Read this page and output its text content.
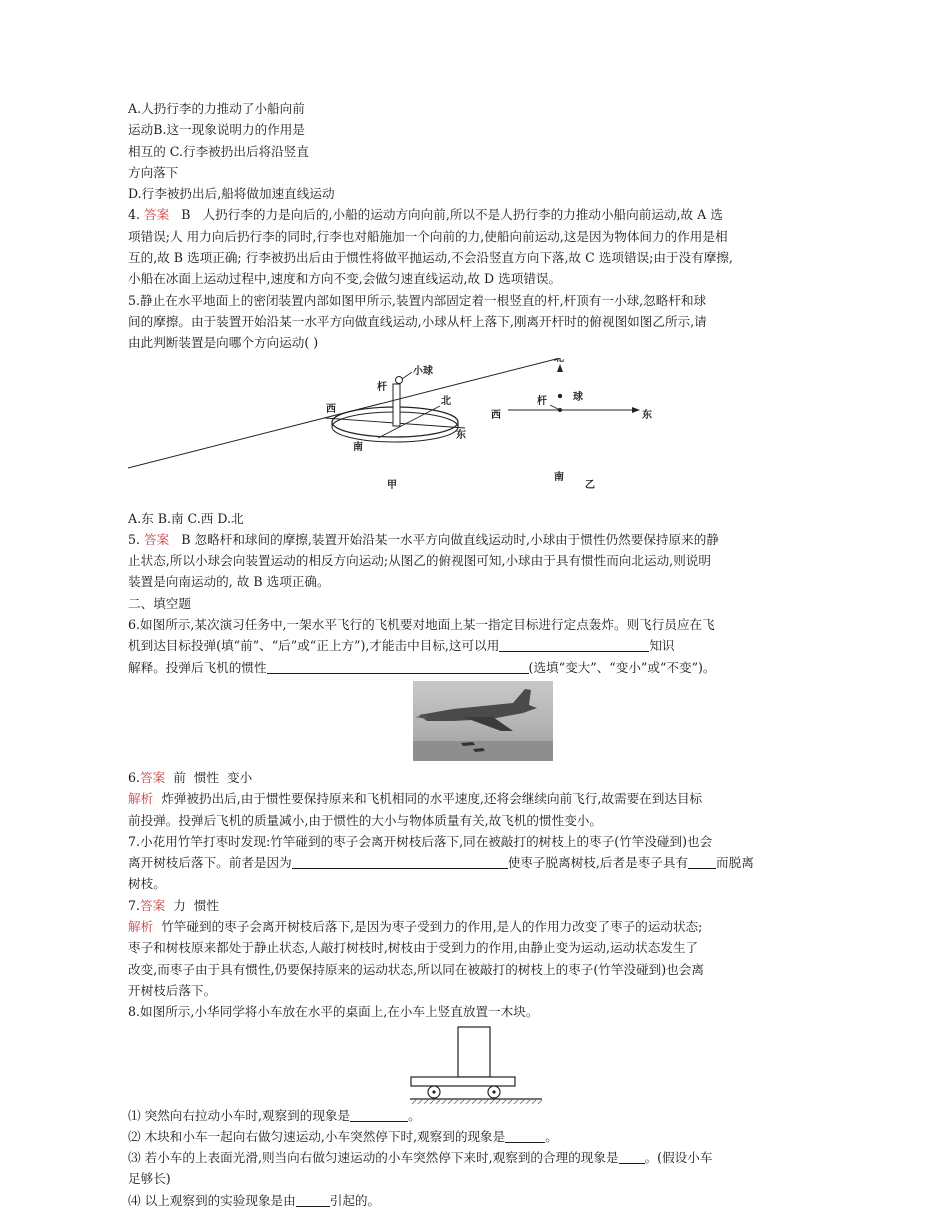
A.人扔行李的力推动了小船向前

运动B.这一现象说明力的作用是

相互的 C.行李被扔出后将沿竖直

方向落下

D.行李被扔出后,船将做加速直线运动

4. 答案 B 人扔行李的力是向后的,小船的运动方向向前,所以不是人扔行李的力推动小船向前运动,故 A 选

项错误;人 用力向后扔行李的同时,行李也对船施加一个向前的力,使船向前运动,这是因为物体间力的作用是相

互的,故 B 选项正确; 行李被扔出后由于惯性将做平抛运动,不会沿竖直方向下落,故 C 选项错误;由于没有摩擦,

小船在冰面上运动过程中,速度和方向不变,会做匀速直线运动,故 D 选项错误。

5.静止在水平地面上的密闭装置内部如图甲所示,装置内部固定着一根竖直的杆,杆顶有一小球,忽略杆和球

间的摩擦。由于装置开始沿某一水平方向做直线运动,小球从杆上落下,刚离开杆时的俯视图如图乙所示,请

由此判断装置是向哪个方向运动( )

小球
杆
北
西
东
南
甲
北
杆	球
西	东
南
乙

A.东 B.南 C.西 D.北

5. 答案 B 忽略杆和球间的摩擦,装置开始沿某一水平方向做直线运动时,小球由于惯性仍然要保持原来的静

止状态,所以小球会向装置运动的相反方向运动;从图乙的俯视图可知,小球由于具有惯性而向北运动,则说明

装置是向南运动的, 故 B 选项正确。

二、填空题

6.如图所示,某次演习任务中,一架水平飞行的飞机要对地面上某一指定目标进行定点轰炸。则飞行员应在飞

机到达目标投弹(填“前”、“后”或“正上方”),才能击中目标,这可以用	知识

解释。投弹后飞机的惯性	(选填“变大”、“变小”或“不变”)。

6.答案 前  惯性  变小

解析 炸弹被扔出后,由于惯性要保持原来和飞机相同的水平速度,还将会继续向前飞行,故需要在到达目标

前投弹。投弹后飞机的质量减小,由于惯性的大小与物体质量有关,故飞机的惯性变小。

7.小花用竹竿打枣时发现:竹竿碰到的枣子会离开树枝后落下,同在被敲打的树枝上的枣子(竹竿没碰到)也会

离开树枝后落下。前者是因为	使枣子脱离树枝,后者是枣子具有 而脱离

树枝。

7.答案 力  惯性

解析 竹竿碰到的枣子会离开树枝后落下,是因为枣子受到力的作用,是人的作用力改变了枣子的运动状态;

枣子和树枝原来都处于静止状态,人敲打树枝时,树枝由于受到力的作用,由静止变为运动,运动状态发生了

改变,而枣子由于具有惯性,仍要保持原来的运动状态,所以同在被敲打的树枝上的枣子(竹竿没碰到)也会离

开树枝后落下。

8.如图所示,小华同学将小车放在水平的桌面上,在小车上竖直放置一木块。

⑴ 突然向右拉动小车时,观察到的现象是	。

⑵ 木块和小车一起向右做匀速运动,小车突然停下时,观察到的现象是	。

⑶ 若小车的上表面光滑,则当向右做匀速运动的小车突然停下来时,观察到的合理的现象是 。(假设小车

足够长)

⑷ 以上观察到的实验现象是由	引起的。
